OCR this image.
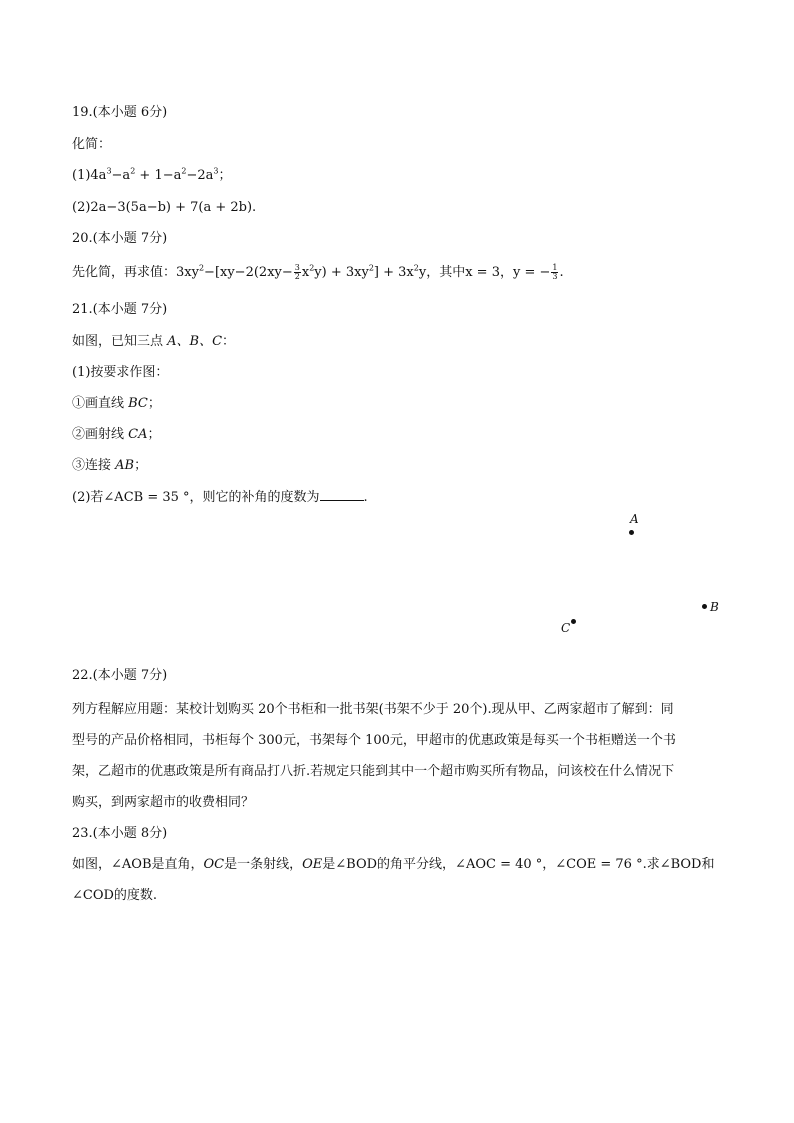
19.(本小题 6分)
化简：
$(1)4a^3-a^2 + 1-a^2-2a^3$；
(2)2a−3(5a−b) + 7(a + 2b).
20.(本小题 7分)
先化简，再求值：$3xy^2-[xy-2(2xy- \frac{3}{2} x^2y) + 3xy^2] + 3x^2y$，其中x = 3，y = − $\frac{1}{3}$ .
21.(本小题 7分)
如图，已知三点 A、B、C：
(1)按要求作图：
①画直线 BC；
②画射线 CA；
③连接 AB；
(2)若∠ACB = 35 °，则它的补角的度数为	.
A
B
C
22.(本小题 7分)
列方程解应用题：某校计划购买 20个书柜和一批书架(书架不少于 20个).现从甲、乙两家超市了解到：同
型号的产品价格相同，书柜每个 300元，书架每个 100元，甲超市的优惠政策是每买一个书柜赠送一个书
架，乙超市的优惠政策是所有商品打八折.若规定只能到其中一个超市购买所有物品，问该校在什么情况下
购买，到两家超市的收费相同？
23.(本小题 8分)
如图，∠AOB是直角，OC是一条射线，OE是∠BOD的角平分线，∠AOC = 40 °，∠COE = 76 °.求∠BOD和
∠COD的度数.
